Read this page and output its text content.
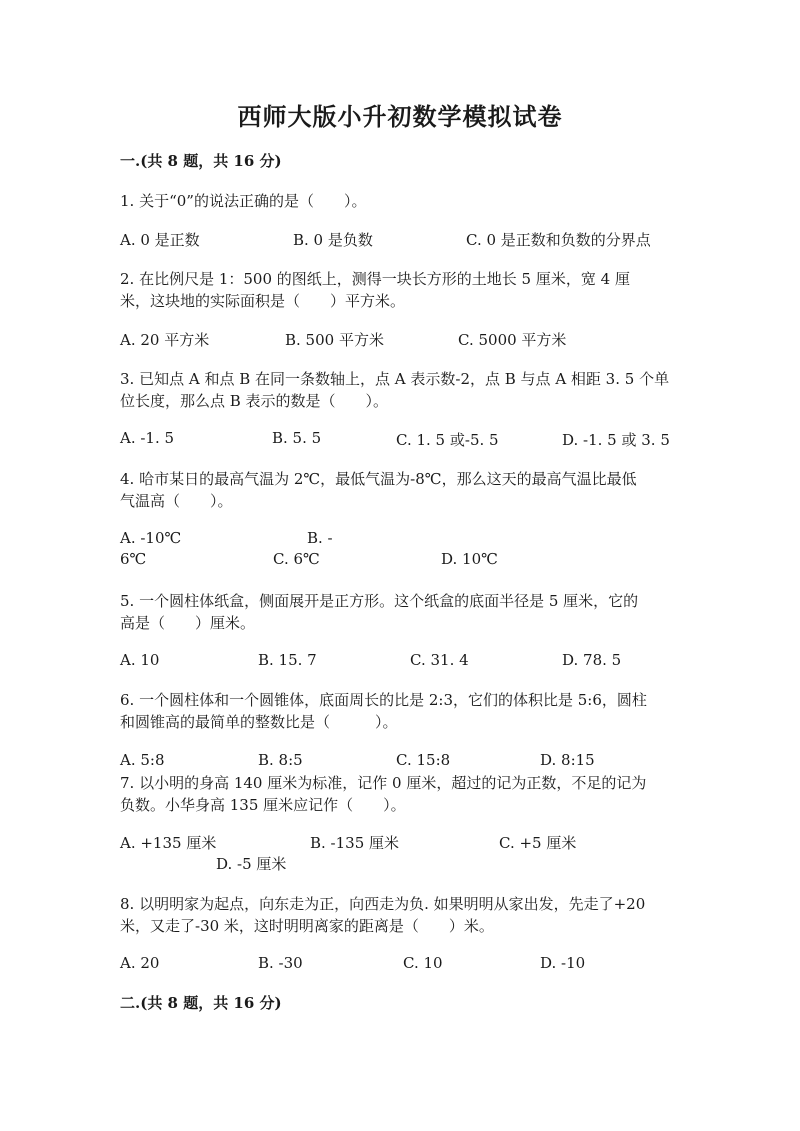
西师大版小升初数学模拟试卷
一.(共 8 题，共 16 分)
1. 关于“0”的说法正确的是（　　）。
A. 0 是正数	B. 0 是负数	C. 0 是正数和负数的分界点
2. 在比例尺是 1：500 的图纸上，测得一块长方形的土地长 5 厘米，宽 4 厘
米，这块地的实际面积是（　　）平方米。
A. 20 平方米	B. 500 平方米	C. 5000 平方米
3. 已知点 A 和点 B 在同一条数轴上，点 A 表示数-2，点 B 与点 A 相距 3. 5 个单
位长度，那么点 B 表示的数是（　　）。
A. -1. 5	B. 5. 5	C. 1. 5 或-5. 5	D. -1. 5 或 3. 5
4. 哈市某日的最高气温为 2℃，最低气温为-8℃，那么这天的最高气温比最低
气温高（　　）。
A. -10℃	B. -
6℃	C. 6℃	D. 10℃
5. 一个圆柱体纸盒，侧面展开是正方形。这个纸盒的底面半径是 5 厘米，它的
高是（　　）厘米。
A. 10	B. 15. 7	C. 31. 4	D. 78. 5
6. 一个圆柱体和一个圆锥体，底面周长的比是 2:3，它们的体积比是 5:6，圆柱
和圆锥高的最简单的整数比是（　　　）。
A. 5:8	B. 8:5	C. 15:8	D. 8:15
7. 以小明的身高 140 厘米为标准，记作 0 厘米，超过的记为正数，不足的记为
负数。小华身高 135 厘米应记作（　　）。
A. +135 厘米	B. -135 厘米	C. +5 厘米
D. -5 厘米
8. 以明明家为起点，向东走为正，向西走为负. 如果明明从家出发，先走了+20
米，又走了-30 米，这时明明离家的距离是（　　）米。
A. 20	B. -30	C. 10	D. -10
二.(共 8 题，共 16 分)
